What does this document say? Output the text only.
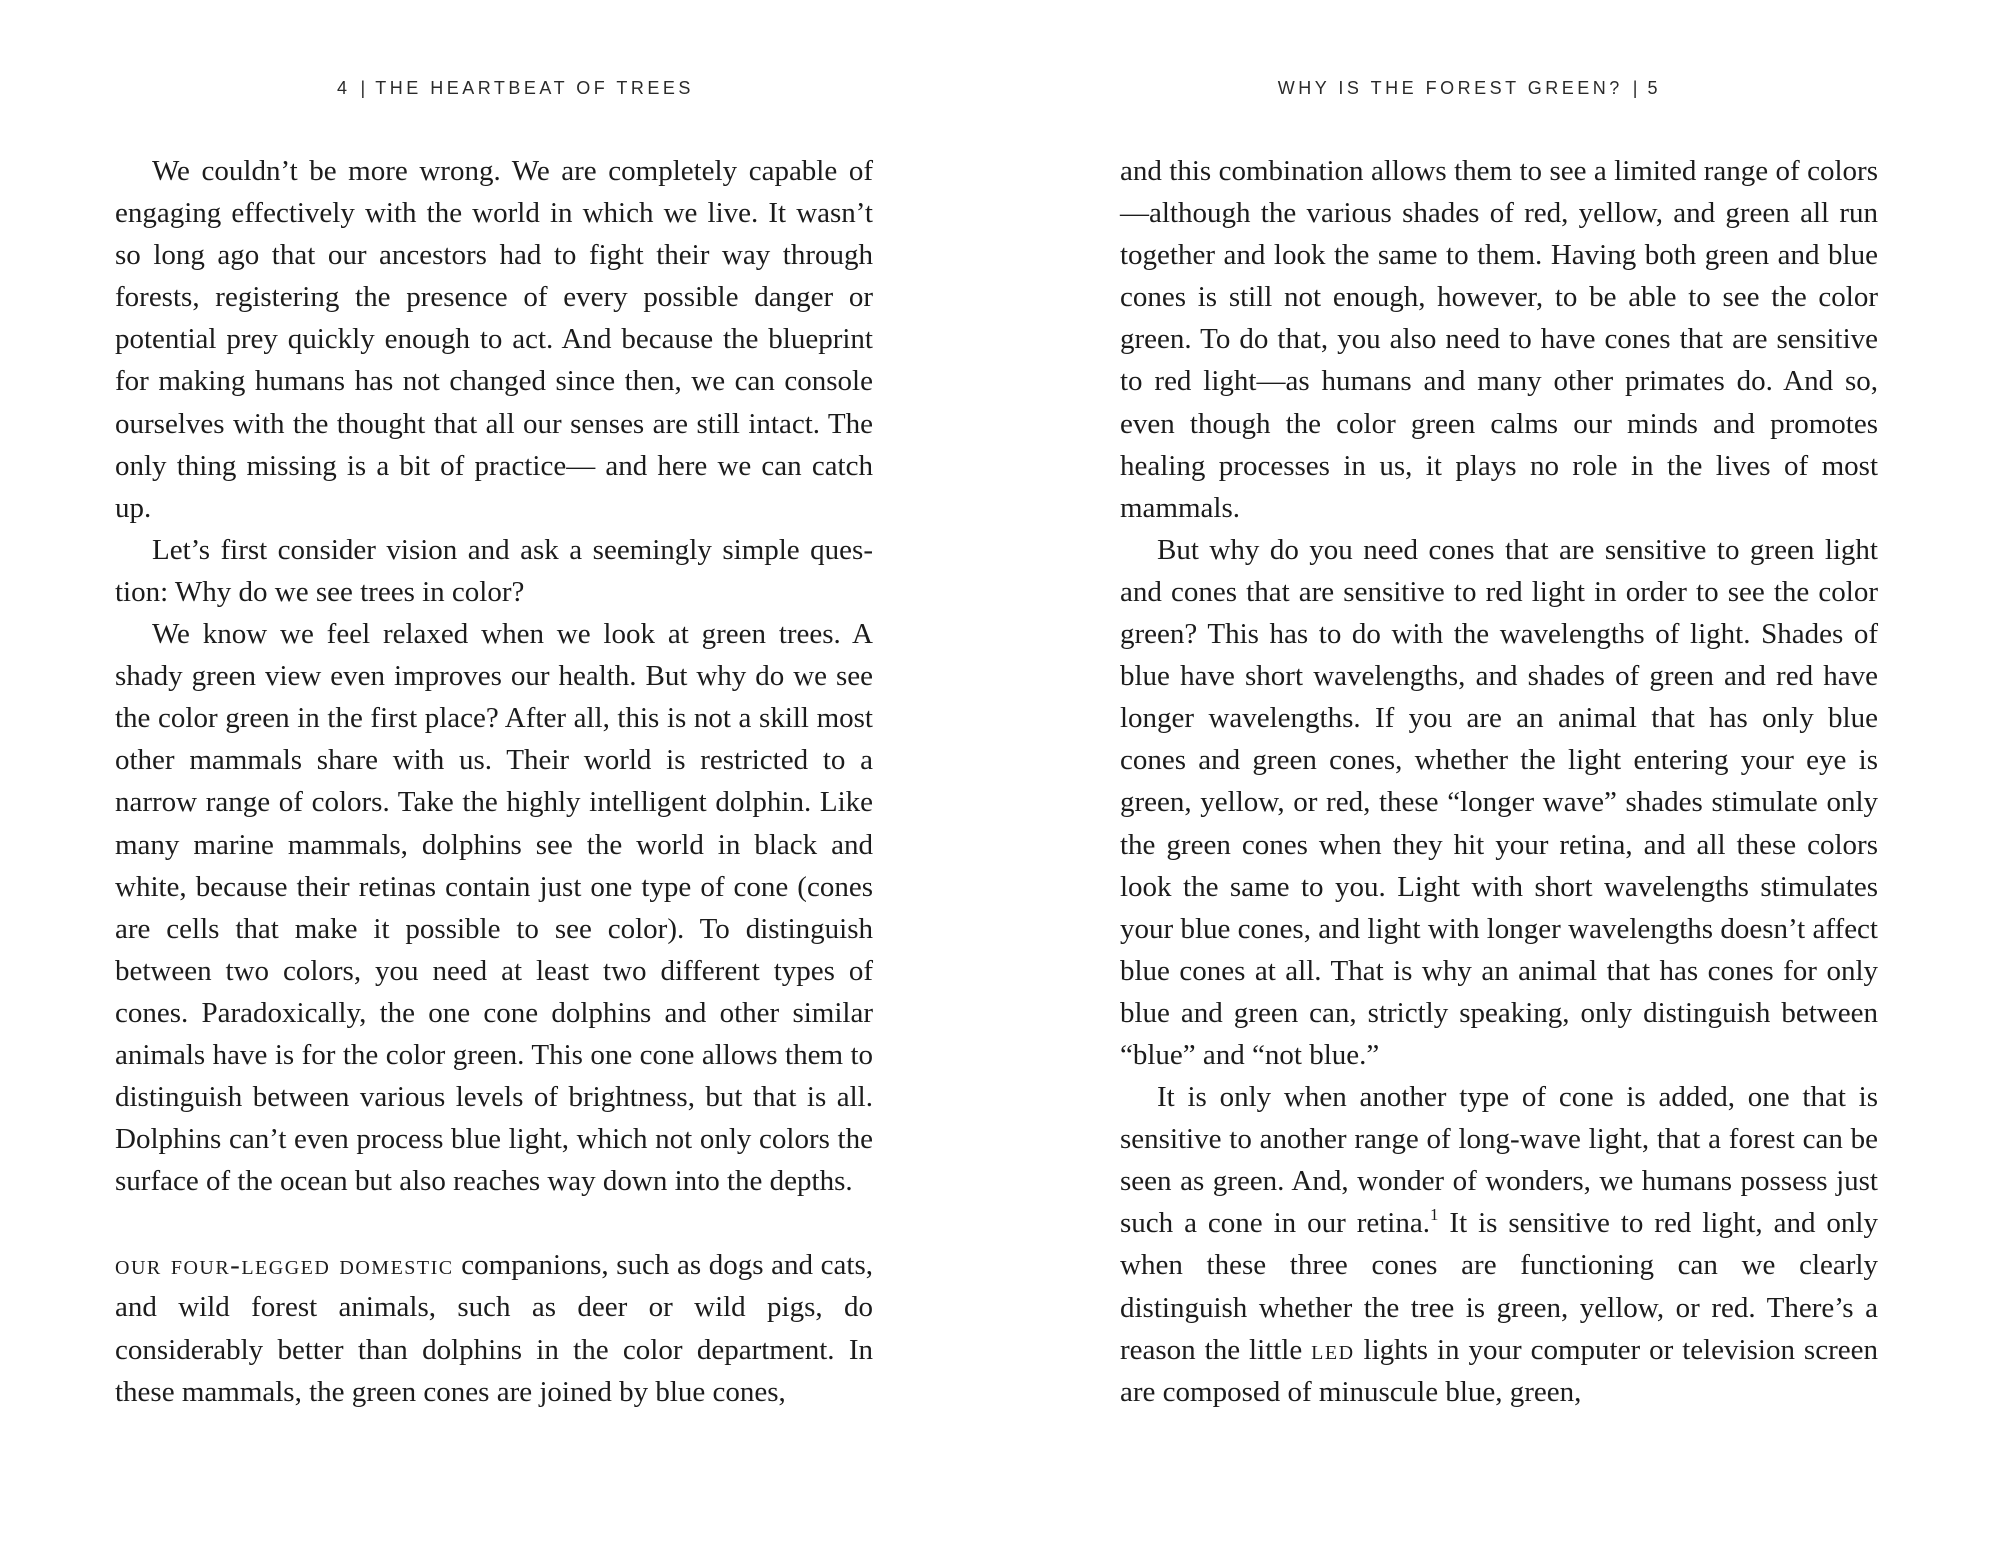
4 | THE HEARTBEAT OF TREES

We couldn’t be more wrong. We are completely capable of engaging effectively with the world in which we live. It wasn’t so long ago that our ancestors had to fight their way through forests, registering the presence of every possible danger or potential prey quickly enough to act. And because the blueprint for making humans has not changed since then, we can console ourselves with the thought that all our senses are still intact. The only thing missing is a bit of practice— and here we can catch up.

Let’s first consider vision and ask a seemingly simple question: Why do we see trees in color?

We know we feel relaxed when we look at green trees. A shady green view even improves our health. But why do we see the color green in the first place? After all, this is not a skill most other mammals share with us. Their world is restricted to a narrow range of colors. Take the highly intelligent dolphin. Like many marine mammals, dolphins see the world in black and white, because their retinas contain just one type of cone (cones are cells that make it possible to see color). To distinguish between two colors, you need at least two different types of cones. Paradoxically, the one cone dolphins and other similar animals have is for the color green. This one cone allows them to distinguish between various levels of brightness, but that is all. Dolphins can’t even process blue light, which not only colors the surface of the ocean but also reaches way down into the depths.

our four-legged domestic companions, such as dogs and cats, and wild forest animals, such as deer or wild pigs, do considerably better than dolphins in the color department. In these mammals, the green cones are joined by blue cones,

WHY IS THE FOREST GREEN? | 5

and this combination allows them to see a limited range of colors—although the various shades of red, yellow, and green all run together and look the same to them. Having both green and blue cones is still not enough, however, to be able to see the color green. To do that, you also need to have cones that are sensitive to red light—as humans and many other primates do. And so, even though the color green calms our minds and promotes healing processes in us, it plays no role in the lives of most mammals.

But why do you need cones that are sensitive to green light and cones that are sensitive to red light in order to see the color green? This has to do with the wavelengths of light. Shades of blue have short wavelengths, and shades of green and red have longer wavelengths. If you are an animal that has only blue cones and green cones, whether the light entering your eye is green, yellow, or red, these “longer wave” shades stimulate only the green cones when they hit your retina, and all these colors look the same to you. Light with short wavelengths stimulates your blue cones, and light with longer wavelengths doesn’t affect blue cones at all. That is why an animal that has cones for only blue and green can, strictly speaking, only distinguish between “blue” and “not blue.”

It is only when another type of cone is added, one that is sensitive to another range of long-wave light, that a forest can be seen as green. And, wonder of wonders, we humans possess just such a cone in our retina.$^1$ It is sensitive to red light, and only when these three cones are functioning can we clearly distinguish whether the tree is green, yellow, or red. There’s a reason the little led lights in your computer or television screen are composed of minuscule blue, green,
